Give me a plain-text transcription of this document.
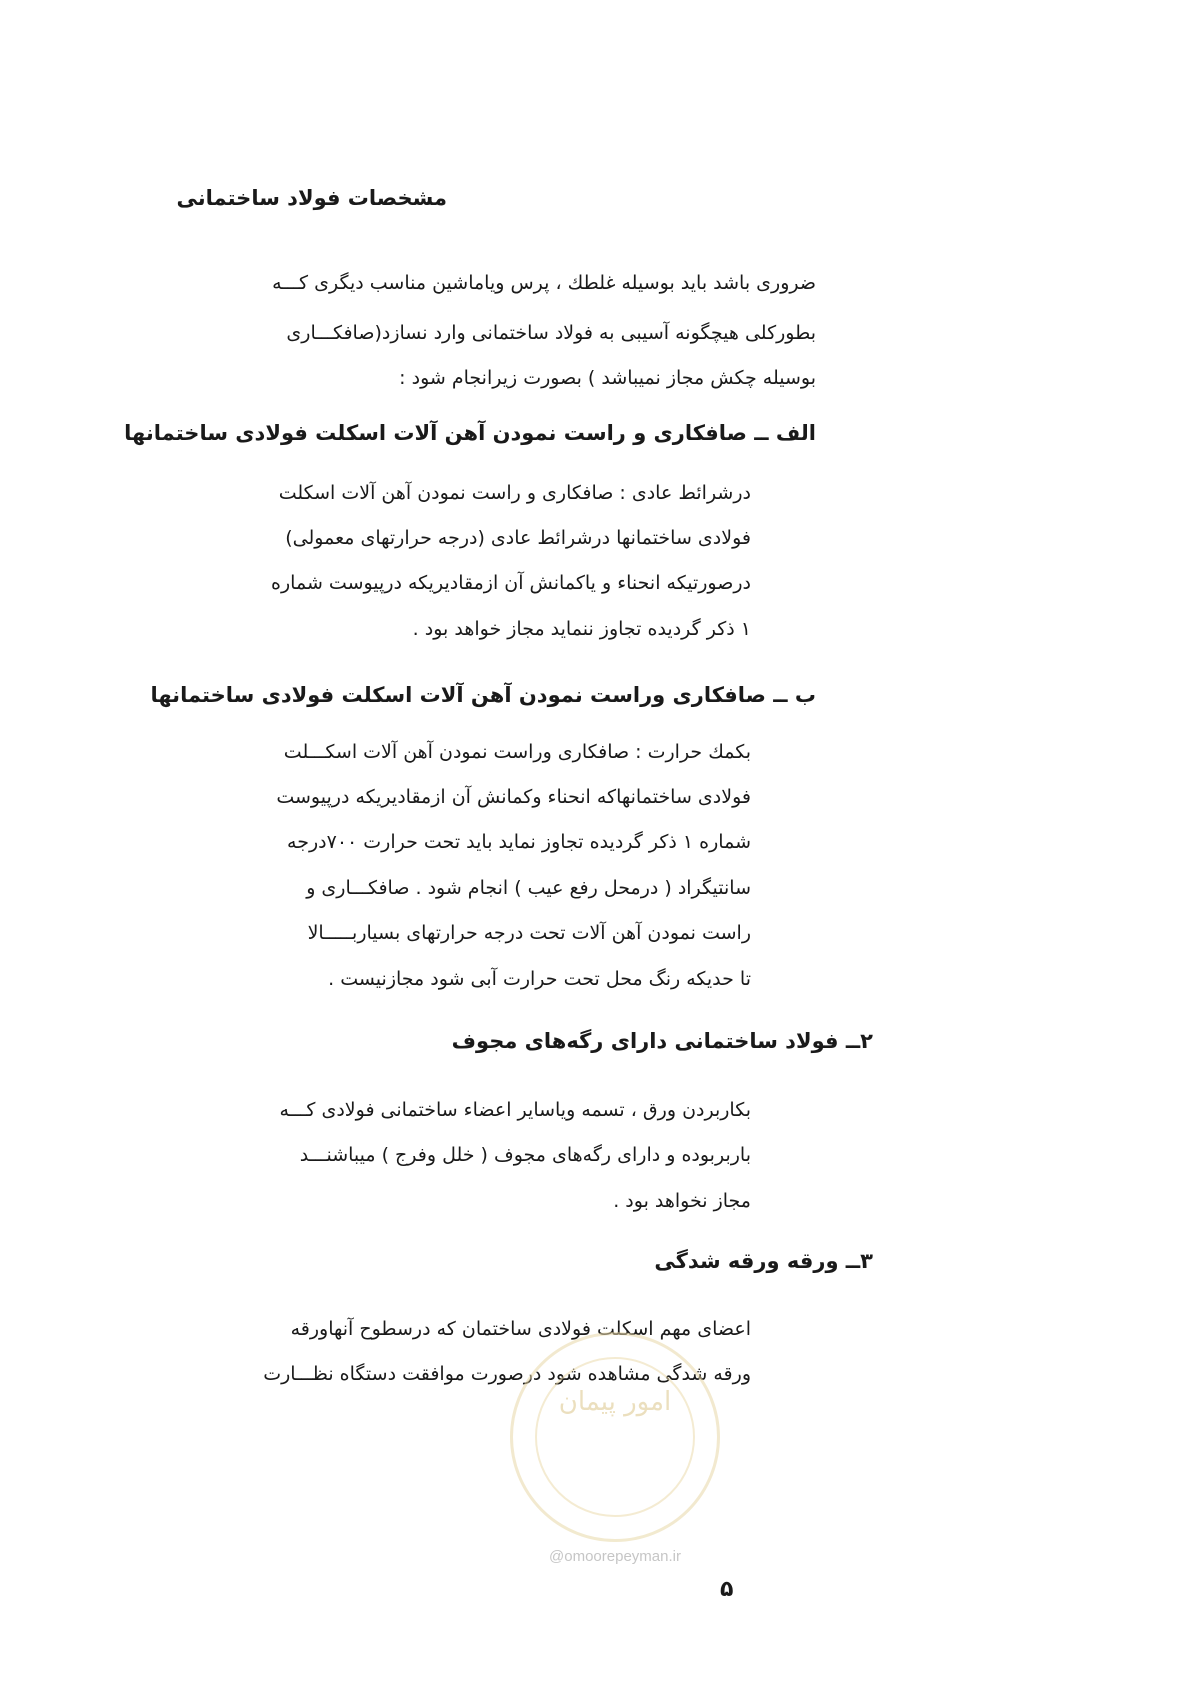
مشخصات فولاد ساختمانی
ضروری باشد باید بوسیله غلطك ، پرس ویاماشین مناسب دیگری کـــه
بطورکلی هیچگونه آسیبی به فولاد ساختمانی وارد نسازد(صافکـــاری
بوسیله چکش مجاز نمیباشد ) بصورت زیرانجام شود :
الف ــ صافکاری و راست نمودن آهن آلات اسکلت فولادی ساختمانها
درشرائط عادی : صافکاری و راست نمودن آهن آلات اسکلت
فولادی ساختمانها درشرائط عادی (درجه حرارتهای معمولی)
درصورتیکه انحناء و یاکمانش آن ازمقادیریکه درپیوست شماره
۱ ذکر گردیده تجاوز ننماید مجاز خواهد بود .
ب ــ صافکاری وراست نمودن آهن آلات اسکلت فولادی ساختمانها
بکمك حرارت : صافکاری وراست نمودن آهن آلات اسکـــلت
فولادی ساختمانهاکه انحناء وکمانش آن ازمقادیریکه درپیوست
شماره ۱ ذکر گردیده تجاوز نماید باید تحت حرارت ۷۰۰درجه
سانتیگراد ( درمحل رفع عیب ) انجام شود . صافکـــاری و
راست نمودن آهن آلات تحت درجه حرارتهای بسیاربـــــالا
تا حدیکه رنگ محل تحت حرارت آبی شود مجازنیست .
۲ــ فولاد ساختمانی دارای رگه‌های مجوف
بکاربردن ورق ، تسمه ویاسایر اعضاء ساختمانی فولادی کـــه
باربربوده و دارای رگه‌های مجوف ( خلل وفرج ) میباشنـــد
مجاز نخواهد بود .
۳ــ ورقه ورقه شدگی
اعضای مهم اسکلت فولادی ساختمان که درسطوح آنهاورقه
ورقه شدگی مشاهده شود درصورت موافقت دستگاه نظـــارت
امور پیمان
@omoorepeyman.ir
۵
